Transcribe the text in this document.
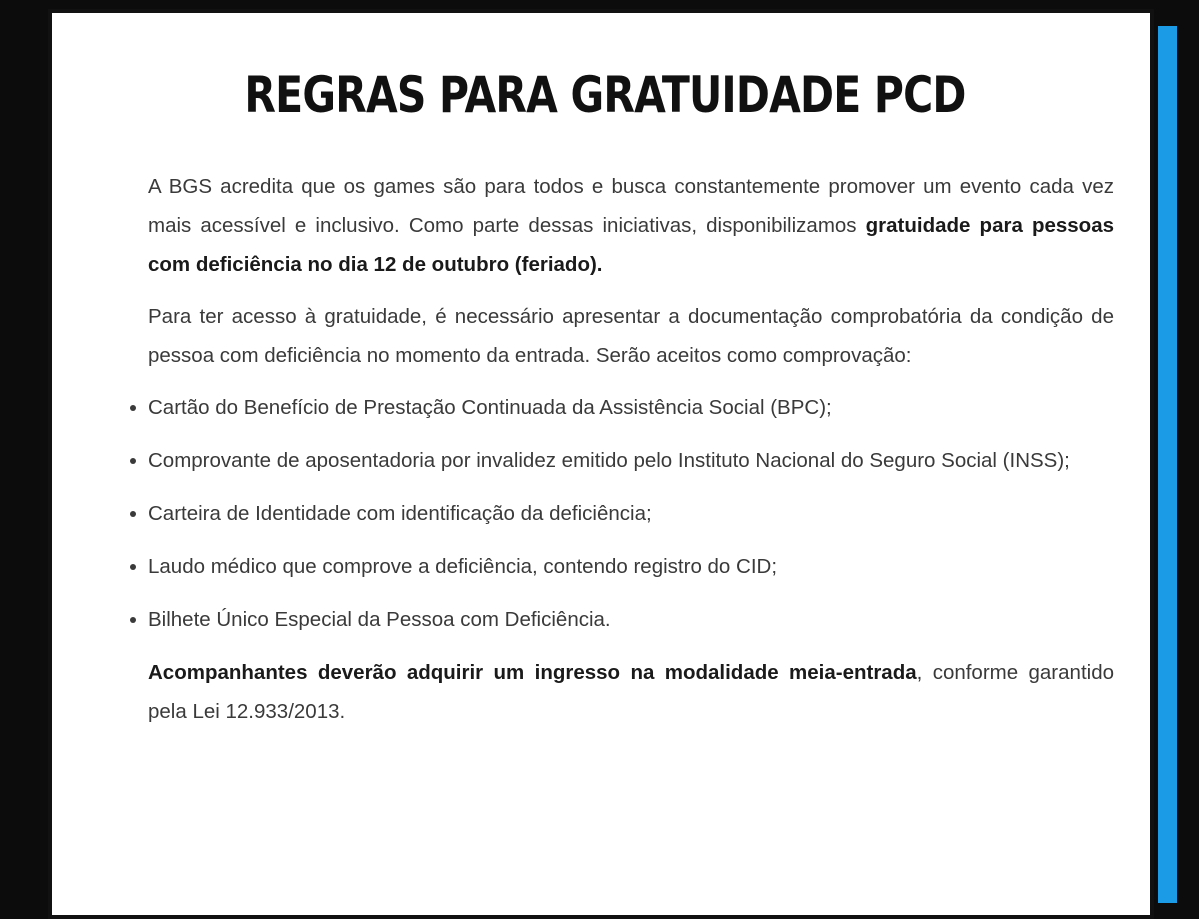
REGRAS PARA GRATUIDADE PCD

A BGS acredita que os games são para todos e busca constantemente promover um evento cada vez mais acessível e inclusivo. Como parte dessas iniciativas, disponibilizamos gratuidade para pessoas com deficiência no dia 12 de outubro (feriado).

Para ter acesso à gratuidade, é necessário apresentar a documentação comprobatória da condição de pessoa com deficiência no momento da entrada. Serão aceitos como comprovação:

Cartão do Benefício de Prestação Continuada da Assistência Social (BPC);
Comprovante de aposentadoria por invalidez emitido pelo Instituto Nacional do Seguro Social (INSS);
Carteira de Identidade com identificação da deficiência;
Laudo médico que comprove a deficiência, contendo registro do CID;
Bilhete Único Especial da Pessoa com Deficiência.

Acompanhantes deverão adquirir um ingresso na modalidade meia-entrada, conforme garantido pela Lei 12.933/2013.
